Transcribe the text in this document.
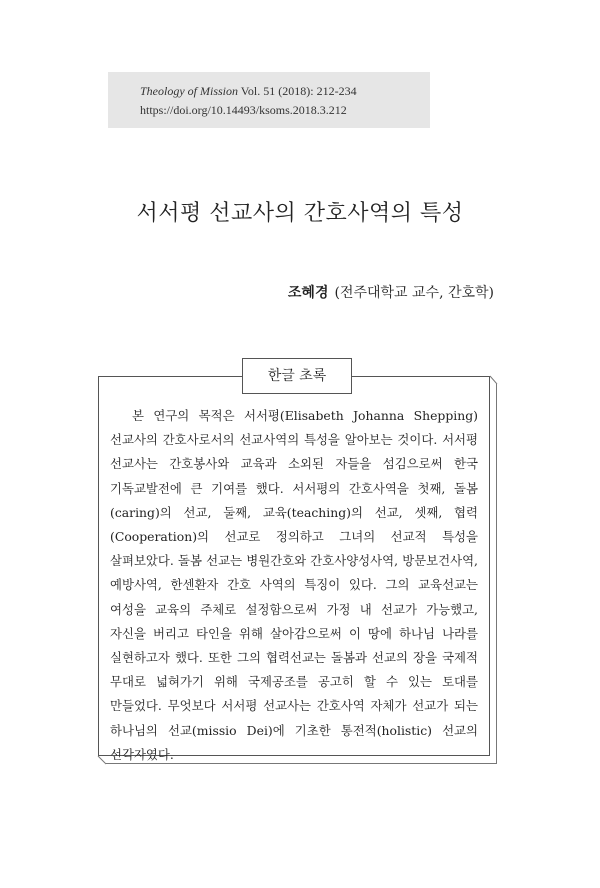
Theology of Mission Vol. 51 (2018): 212-234
https://doi.org/10.14493/ksoms.2018.3.212
서서평 선교사의 간호사역의 특성
조혜경 (전주대학교 교수, 간호학)
한글 초록

본 연구의 목적은 서서평(Elisabeth Johanna Shepping) 선교사의 간호사로서의 선교사역의 특성을 알아보는 것이다. 서서평 선교사는 간호봉사와 교육과 소외된 자들을 섬김으로써 한국 기독교발전에 큰 기여를 했다. 서서평의 간호사역을 첫째, 돌봄(caring)의 선교, 둘째, 교육(teaching)의 선교, 셋째, 협력(Cooperation)의 선교로 정의하고 그녀의 선교적 특성을 살펴보았다. 돌봄 선교는 병원간호와 간호사양성사역, 방문보건사역, 예방사역, 한센환자 간호 사역의 특징이 있다. 그의 교육선교는 여성을 교육의 주체로 설정함으로써 가정 내 선교가 가능했고, 자신을 버리고 타인을 위해 살아감으로써 이 땅에 하나님 나라를 실현하고자 했다. 또한 그의 협력선교는 돌봄과 선교의 장을 국제적 무대로 넓혀가기 위해 국제공조를 공고히 할 수 있는 토대를 만들었다. 무엇보다 서서평 선교사는 간호사역 자체가 선교가 되는 하나님의 선교(missio Dei)에 기초한 통전적(holistic) 선교의 선각자였다.
